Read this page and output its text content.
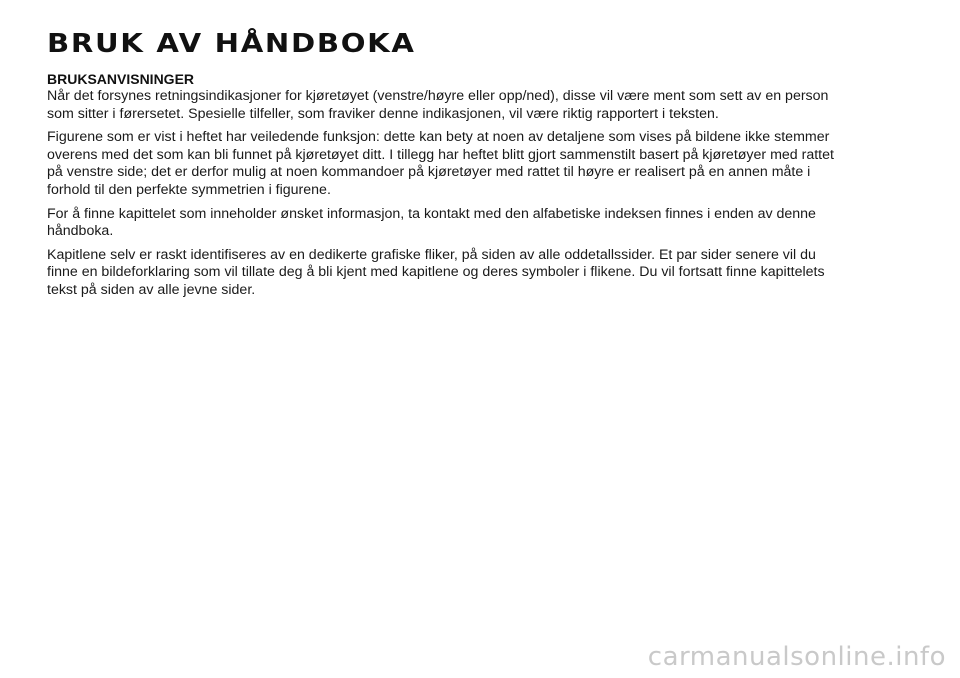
BRUK AV HÅNDBOKA
BRUKSANVISNINGER

Når det forsynes retningsindikasjoner for kjøretøyet (venstre/høyre eller opp/ned), disse vil være ment som sett av en person som sitter i førersetet. Spesielle tilfeller, som fraviker denne indikasjonen, vil være riktig rapportert i teksten.

Figurene som er vist i heftet har veiledende funksjon: dette kan bety at noen av detaljene som vises på bildene ikke stemmer overens med det som kan bli funnet på kjøretøyet ditt. I tillegg har heftet blitt gjort sammenstilt basert på kjøretøyer med rattet på venstre side; det er derfor mulig at noen kommandoer på kjøretøyer med rattet til høyre er realisert på en annen måte i forhold til den perfekte symmetrien i figurene.

For å finne kapittelet som inneholder ønsket informasjon, ta kontakt med den alfabetiske indeksen finnes i enden av denne håndboka.

Kapitlene selv er raskt identifiseres av en dedikerte grafiske fliker, på siden av alle oddetallssider. Et par sider senere vil du finne en bildeforklaring som vil tillate deg å bli kjent med kapitlene og deres symboler i flikene. Du vil fortsatt finne kapittelets tekst på siden av alle jevne sider.

carmanualsonline.info
